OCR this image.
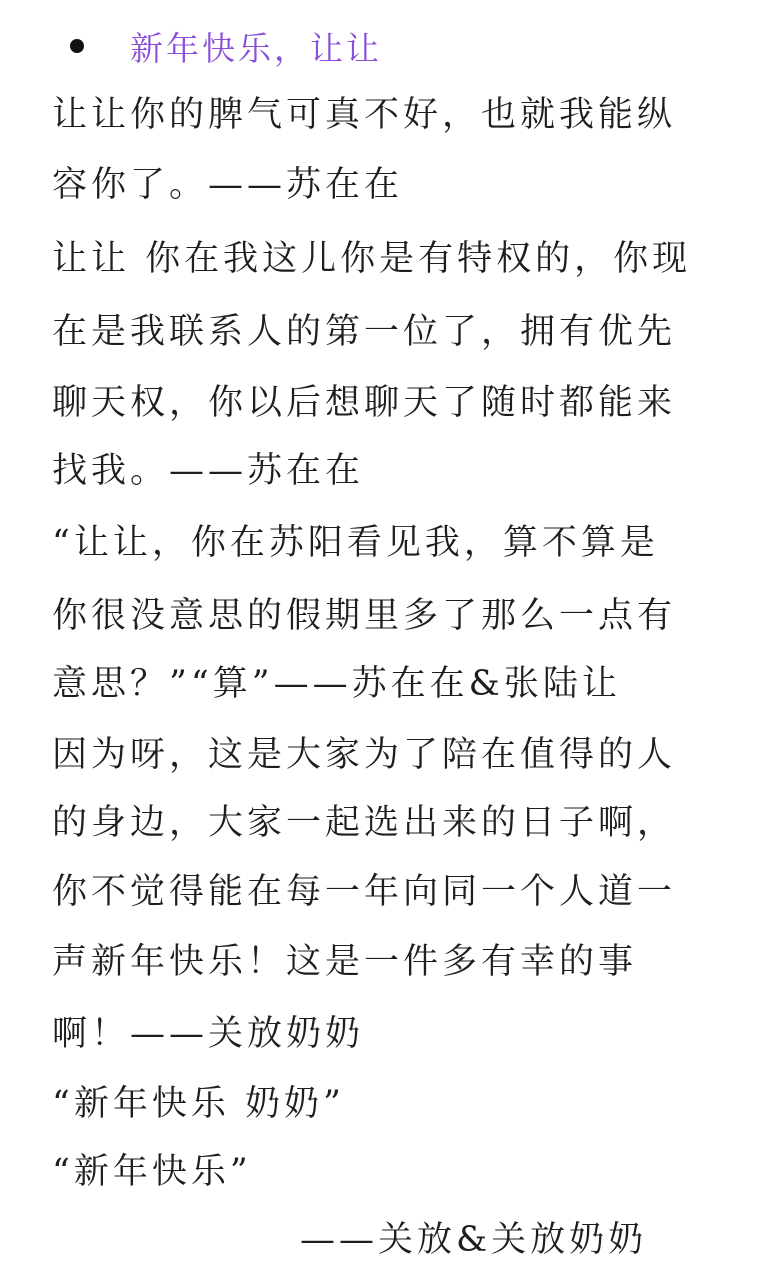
新年快乐，让让
让让你的脾气可真不好，也就我能纵
容你了。——苏在在
让让 你在我这儿你是有特权的，你现
在是我联系人的第一位了，拥有优先
聊天权，你以后想聊天了随时都能来
找我。——苏在在
“让让，你在苏阳看见我，算不算是
你很没意思的假期里多了那么一点有
意思？”“算”——苏在在&张陆让
因为呀，这是大家为了陪在值得的人
的身边，大家一起选出来的日子啊，
你不觉得能在每一年向同一个人道一
声新年快乐！这是一件多有幸的事
啊！——关放奶奶
“新年快乐 奶奶”
“新年快乐”
——关放&关放奶奶
